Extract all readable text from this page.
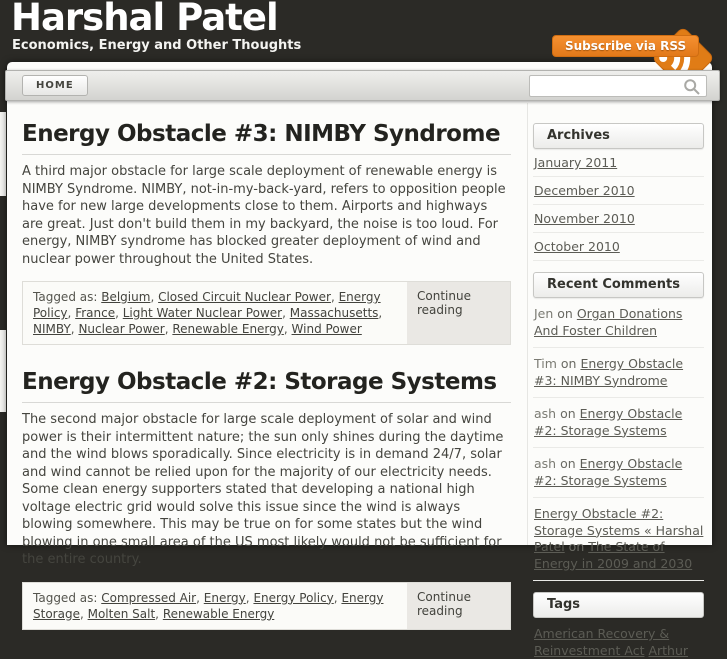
Harshal Patel
Economics, Energy and Other Thoughts	Subscribe via RSS
HOME
Energy Obstacle #3: NIMBY Syndrome

A third major obstacle for large scale deployment of renewable energy is NIMBY Syndrome. NIMBY, not-in-my-back-yard, refers to opposition people have for new large developments close to them. Airports and highways are great. Just don't build them in my backyard, the noise is too loud. For energy, NIMBY syndrome has blocked greater deployment of wind and nuclear power throughout the United States.

Tagged as: Belgium, Closed Circuit Nuclear Power, Energy Policy, France, Light Water Nuclear Power, Massachusetts, NIMBY, Nuclear Power, Renewable Energy, Wind Power
Continue reading
Energy Obstacle #2: Storage Systems

The second major obstacle for large scale deployment of solar and wind power is their intermittent nature; the sun only shines during the daytime and the wind blows sporadically. Since electricity is in demand 24/7, solar and wind cannot be relied upon for the majority of our electricity needs. Some clean energy supporters stated that developing a national high voltage electric grid would solve this issue since the wind is always blowing somewhere. This may be true on for some states but the wind blowing in one small area of the US most likely would not be sufficient for the entire country.

Tagged as: Compressed Air, Energy, Energy Policy, Energy Storage, Molten Salt, Renewable Energy
Continue reading
Archives
January 2011
December 2010
November 2010
October 2010
Recent Comments
Jen on Organ Donations And Foster Children
Tim on Energy Obstacle #3: NIMBY Syndrome
ash on Energy Obstacle #2: Storage Systems
ash on Energy Obstacle #2: Storage Systems
Energy Obstacle #2: Storage Systems « Harshal Patel on The State of Energy in 2009 and 2030
Tags
American Recovery & Reinvestment Act Arthur
